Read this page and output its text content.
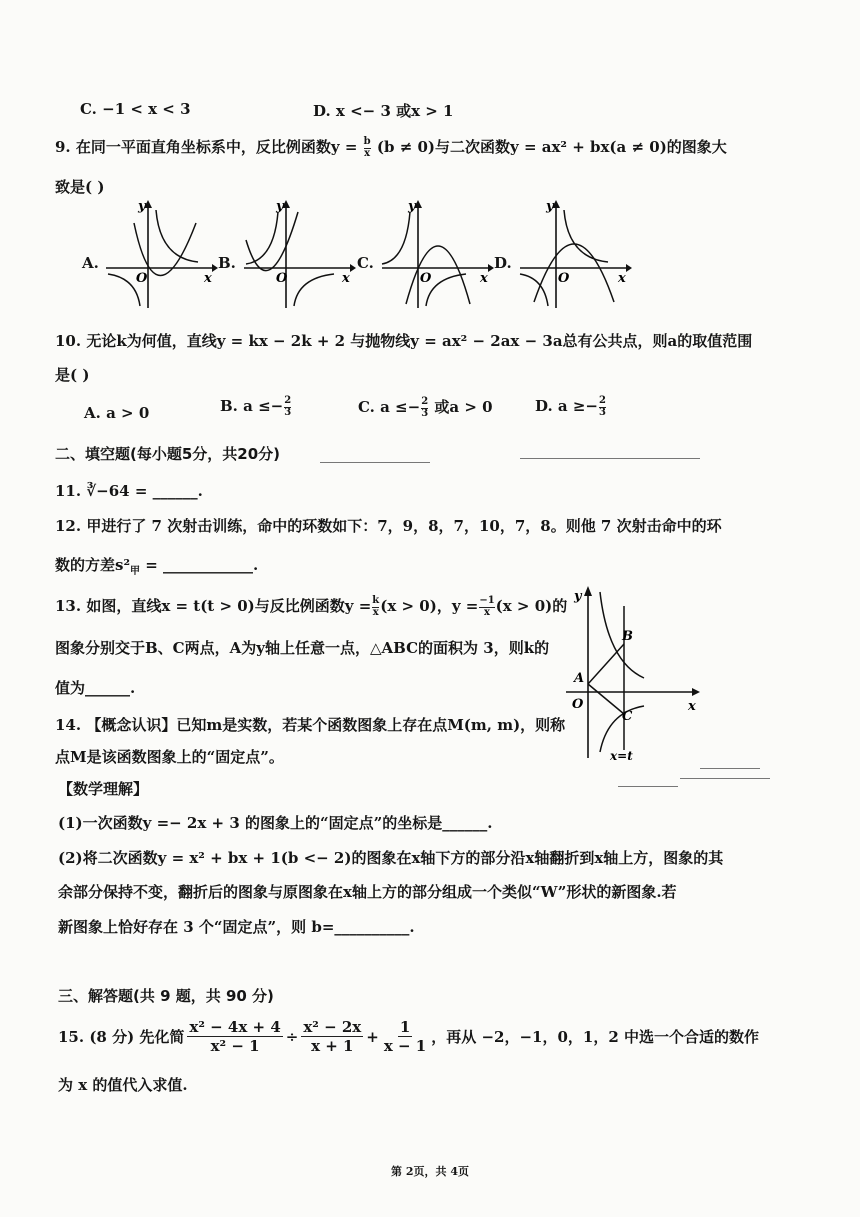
C. −1 < x < 3	D. x <− 3 或x > 1
9. 在同一平面直角坐标系中，反比例函数$y = \frac{b}{x} (b \ne 0)$与二次函数y = ax² + bx(a ≠ 0)的图象大
致是( )
A.
y
O	x
B.
y
O	x
C.
y
O	x
D.
y
O	x
10. 无论k为何值，直线y = kx − 2k + 2 与抛物线y = ax² − 2ax − 3a总有公共点，则a的取值范围
是( )
A. a > 0	B. $a \le- \frac{2}{3}$	C. $a \le- \frac{2}{3}$ 或a > 0	D. $a \ge- \frac{2}{3}$
二、填空题(每小题5分，共20分)
11. ∛−64 = ______.
12. 甲进行了 7 次射击训练，命中的环数如下：7，9，8，7，10，7，8。则他 7 次射击命中的环
数的方差$s^2_甲$ = ____________.
13. 如图，直线x = t(t > 0)与反比例函数$y = \frac{k}{x} (x > 0)$，$y = \frac{-1}{x} (x > 0)$的
图象分别交于B、C两点，A为y轴上任意一点，△ABC的面积为 3，则k的
值为______.
y
x
O
A
B
C
x=t
14. 【概念认识】已知m是实数，若某个函数图象上存在点M(m, m)，则称
点M是该函数图象上的“固定点”。
【数学理解】
(1)一次函数y =− 2x + 3 的图象上的“固定点”的坐标是______.
(2)将二次函数y = x² + bx + 1(b <− 2)的图象在x轴下方的部分沿x轴翻折到x轴上方，图象的其
余部分保持不变，翻折后的图象与原图象在x轴上方的部分组成一个类似“W”形状的新图象.若
新图象上恰好存在 3 个“固定点”，则 b=__________.
三、解答题(共 9 题，共 90 分)
15. (8 分) 先化简 $\frac{\text{x² − 4x + 4}}{\text{x² − 1}} \div \frac{\text{x² − 2x}}{x + 1} + \frac{1}{x - 1}$ ，再从 −2，−1，0，1，2 中选一个合适的数作
为 x 的值代入求值.
第 2页，共 4页
